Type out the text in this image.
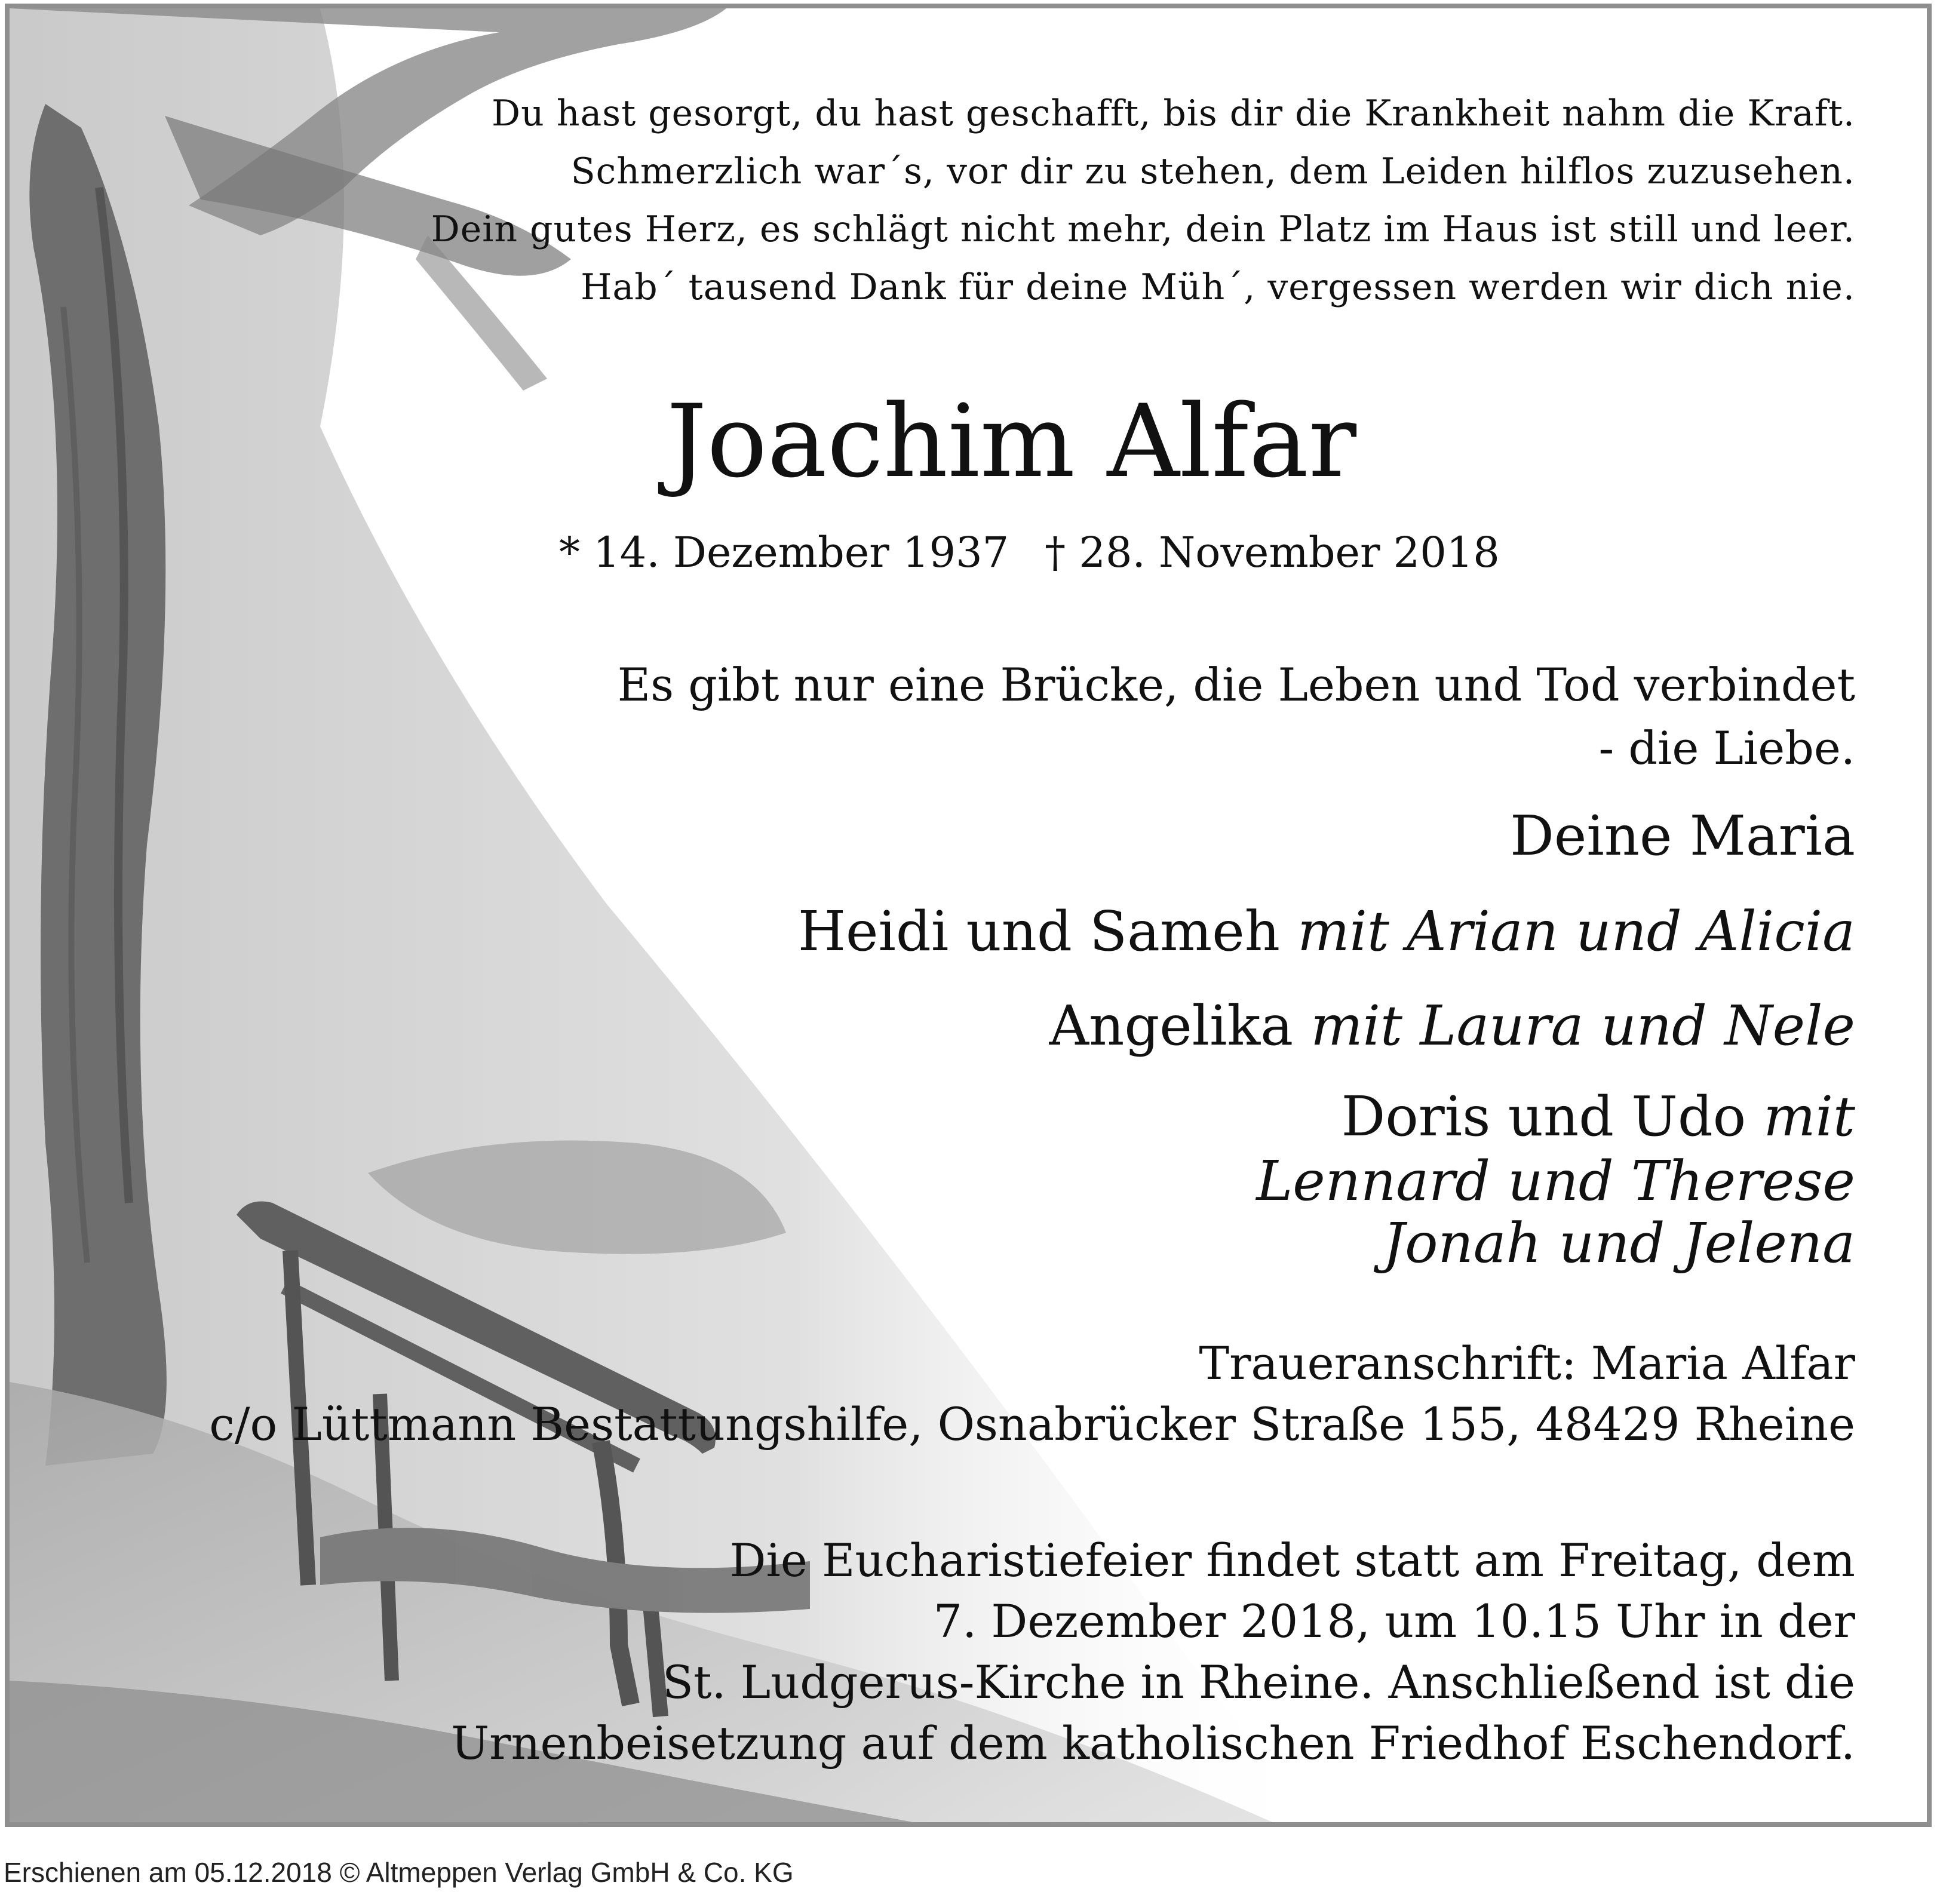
Du hast gesorgt, du hast geschafft, bis dir die Krankheit nahm die Kraft.
Schmerzlich war´s, vor dir zu stehen, dem Leiden hilflos zuzusehen.
Dein gutes Herz, es schlägt nicht mehr, dein Platz im Haus ist still und leer.
Hab´ tausend Dank für deine Müh´, vergessen werden wir dich nie.
Joachim Alfar
* 14. Dezember 1937 † 28. November 2018
Es gibt nur eine Brücke, die Leben und Tod verbindet
- die Liebe.
Deine Maria
Heidi und Sameh mit Arian und Alicia
Angelika mit Laura und Nele
Doris und Udo mit
Lennard und Therese
Jonah und Jelena
Traueranschrift: Maria Alfar
c/o Lüttmann Bestattungshilfe, Osnabrücker Straße 155, 48429 Rheine
Die Eucharistiefeier findet statt am Freitag, dem
7. Dezember 2018, um 10.15 Uhr in der
St. Ludgerus-Kirche in Rheine. Anschließend ist die
Urnenbeisetzung auf dem katholischen Friedhof Eschendorf.
Erschienen am 05.12.2018 © Altmeppen Verlag GmbH & Co. KG
